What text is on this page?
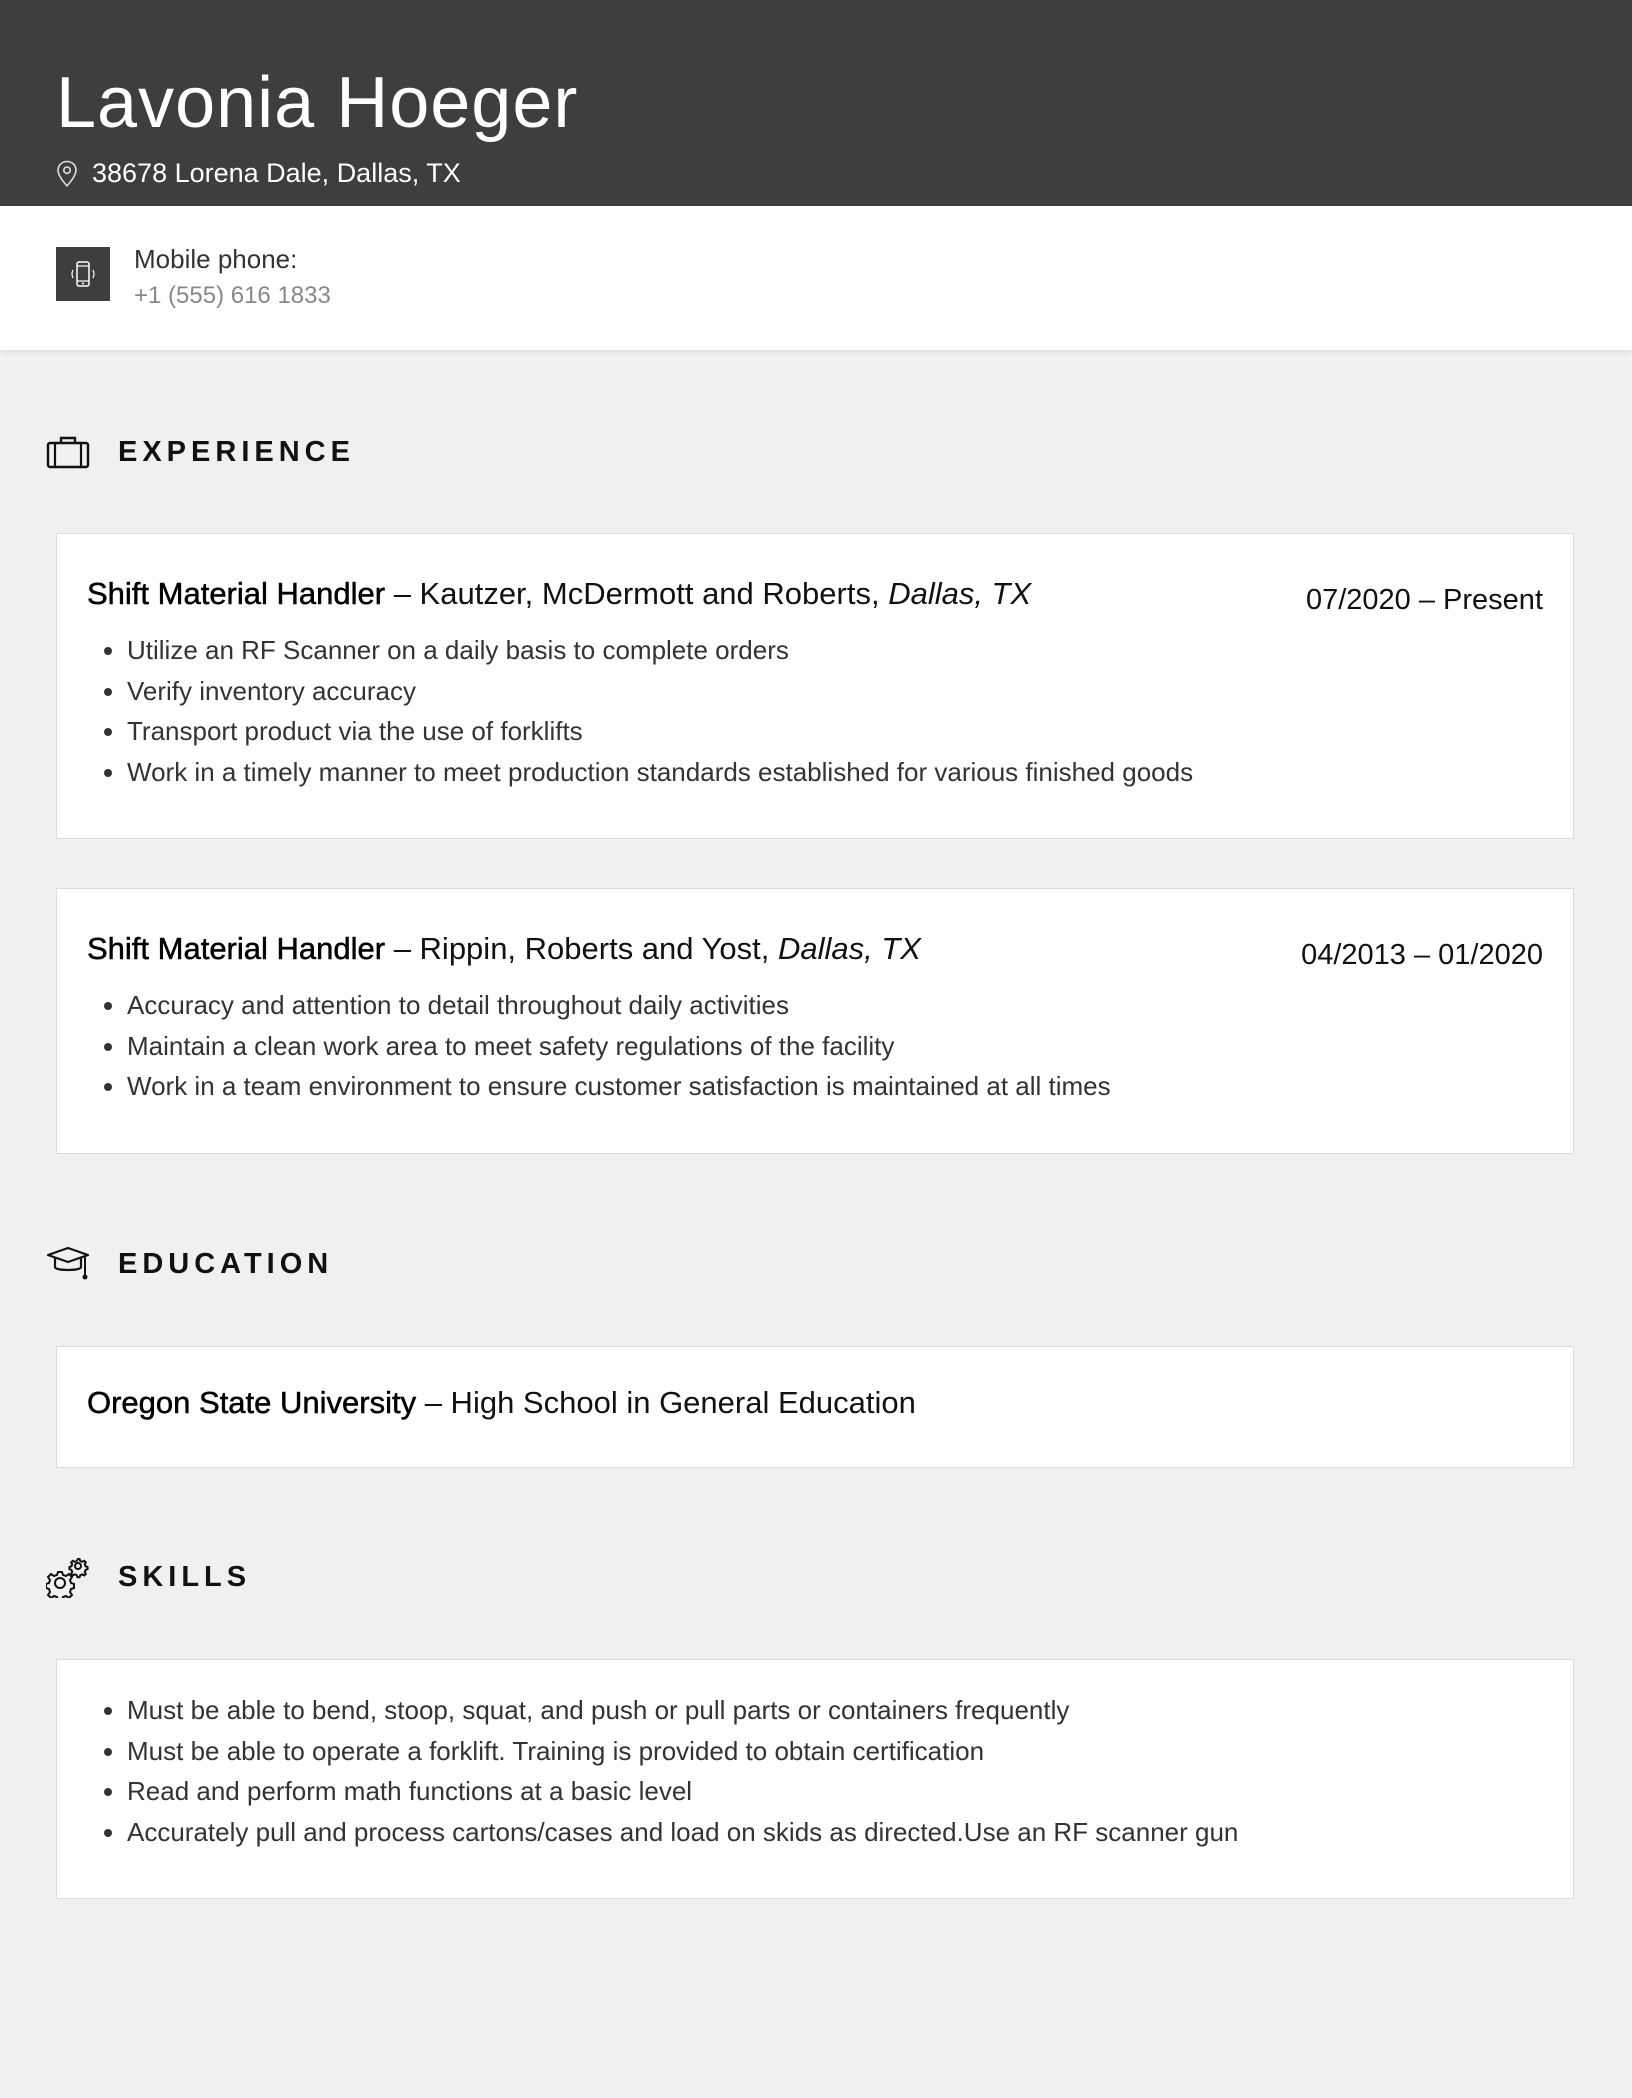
Lavonia Hoeger
38678 Lorena Dale, Dallas, TX
Mobile phone:
+1 (555) 616 1833
EXPERIENCE
Shift Material Handler – Kautzer, McDermott and Roberts, Dallas, TX	07/2020 – Present
• Utilize an RF Scanner on a daily basis to complete orders
• Verify inventory accuracy
• Transport product via the use of forklifts
• Work in a timely manner to meet production standards established for various finished goods
Shift Material Handler – Rippin, Roberts and Yost, Dallas, TX	04/2013 – 01/2020
• Accuracy and attention to detail throughout daily activities
• Maintain a clean work area to meet safety regulations of the facility
• Work in a team environment to ensure customer satisfaction is maintained at all times
EDUCATION
Oregon State University – High School in General Education
SKILLS
• Must be able to bend, stoop, squat, and push or pull parts or containers frequently
• Must be able to operate a forklift. Training is provided to obtain certification
• Read and perform math functions at a basic level
• Accurately pull and process cartons/cases and load on skids as directed.Use an RF scanner gun
